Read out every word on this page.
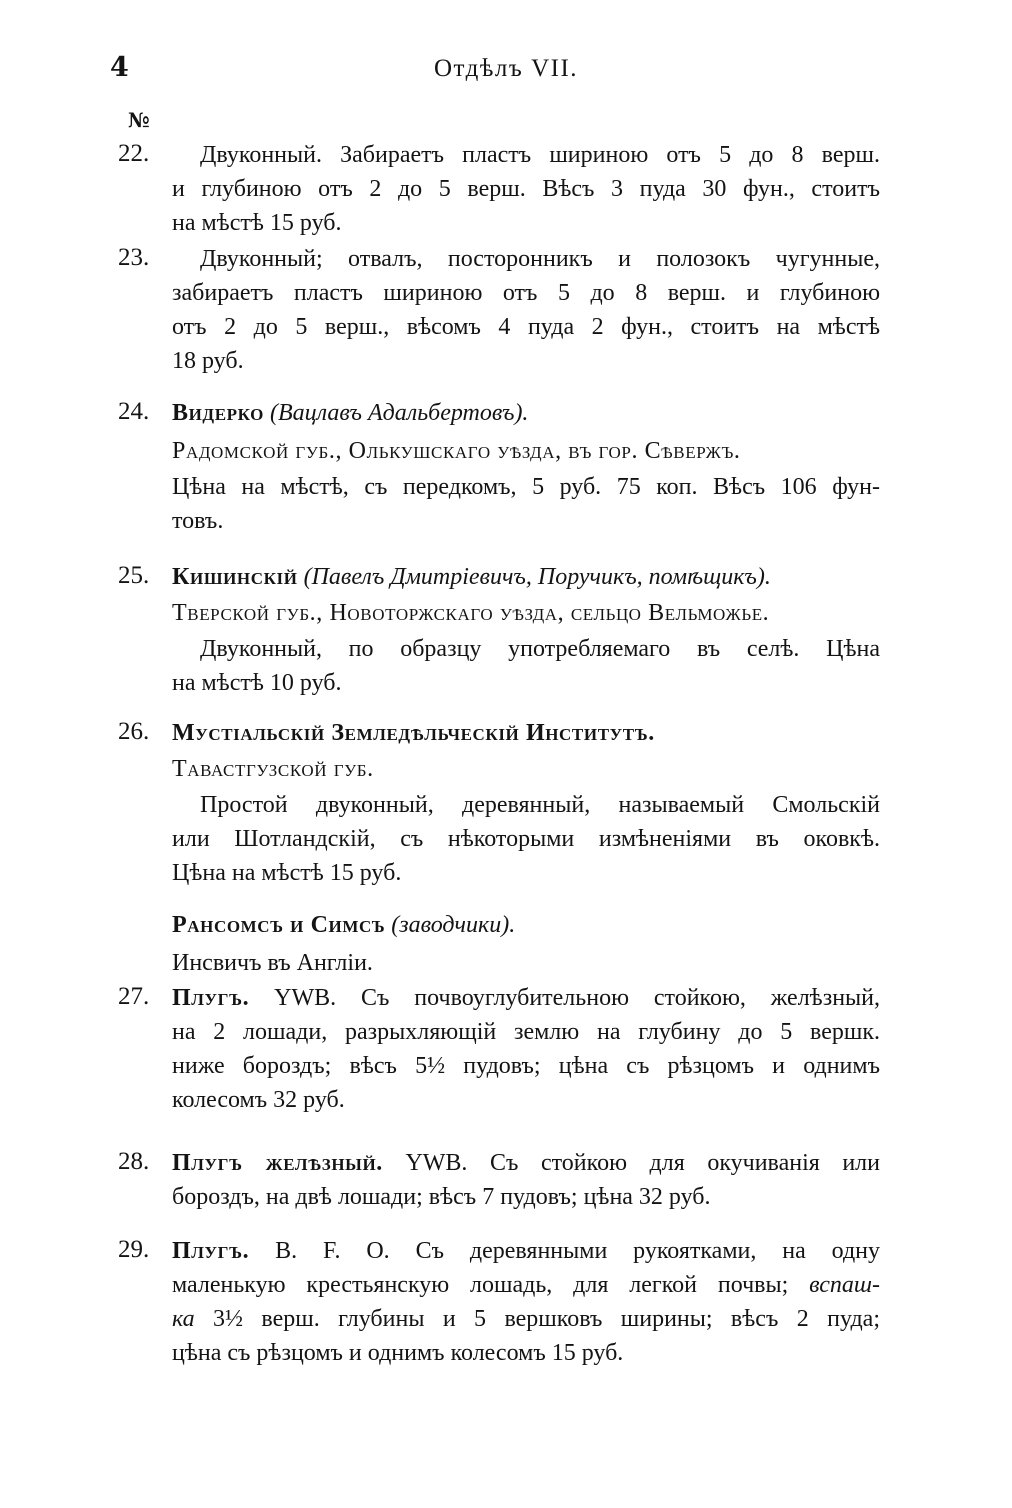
4	Отдѣлъ VII.
№
22. Двуконный. Забираетъ пластъ шириною отъ 5 до 8 верш.
и глубиною отъ 2 до 5 верш. Вѣсъ 3 пуда 30 фун., стоитъ
на мѣстѣ 15 руб.
23. Двуконный; отвалъ, посторонникъ и полозокъ чугунные,
забираетъ пластъ шириною отъ 5 до 8 верш. и глубиною
отъ 2 до 5 верш., вѣсомъ 4 пуда 2 фун., стоитъ на мѣстѣ
18 руб.
24. Видерко (Вацлавъ Адальбертовъ).
Радомской губ., Олькушскаго уѣзда, въ гор. Сѣвержъ.
Цѣна на мѣстѣ, съ передкомъ, 5 руб. 75 коп. Вѣсъ 106 фун-
товъ.
25. Кишинскій (Павелъ Дмитріевичъ, Поручикъ, помѣщикъ).
Тверской губ., Новоторжскаго уѣзда, сельцо Вельможье.
Двуконный, по образцу употребляемаго въ селѣ. Цѣна
на мѣстѣ 10 руб.
26. Мустіальскій Земледѣльческій Институтъ.
Тавастгузской губ.
Простой двуконный, деревянный, называемый Смольскій
или Шотландскій, съ нѣкоторыми измѣненіями въ оковкѣ.
Цѣна на мѣстѣ 15 руб.
Рансомсъ и Симсъ (заводчики).
Инсвичъ въ Англіи.
27. Плугъ. YWB. Съ почвоуглубительною стойкою, желѣзный,
на 2 лошади, разрыхляющій землю на глубину до 5 вершк.
ниже бороздъ; вѣсъ 5½ пудовъ; цѣна съ рѣзцомъ и однимъ
колесомъ 32 руб.
28. Плугъ желѣзный. YWB. Съ стойкою для окучиванія или
бороздъ, на двѣ лошади; вѣсъ 7 пудовъ; цѣна 32 руб.
29. Плугъ. B. F. O. Съ деревянными рукоятками, на одну
маленькую крестьянскую лошадь, для легкой почвы; вспаш-
ка 3½ верш. глубины и 5 вершковъ ширины; вѣсъ 2 пуда;
цѣна съ рѣзцомъ и однимъ колесомъ 15 руб.
